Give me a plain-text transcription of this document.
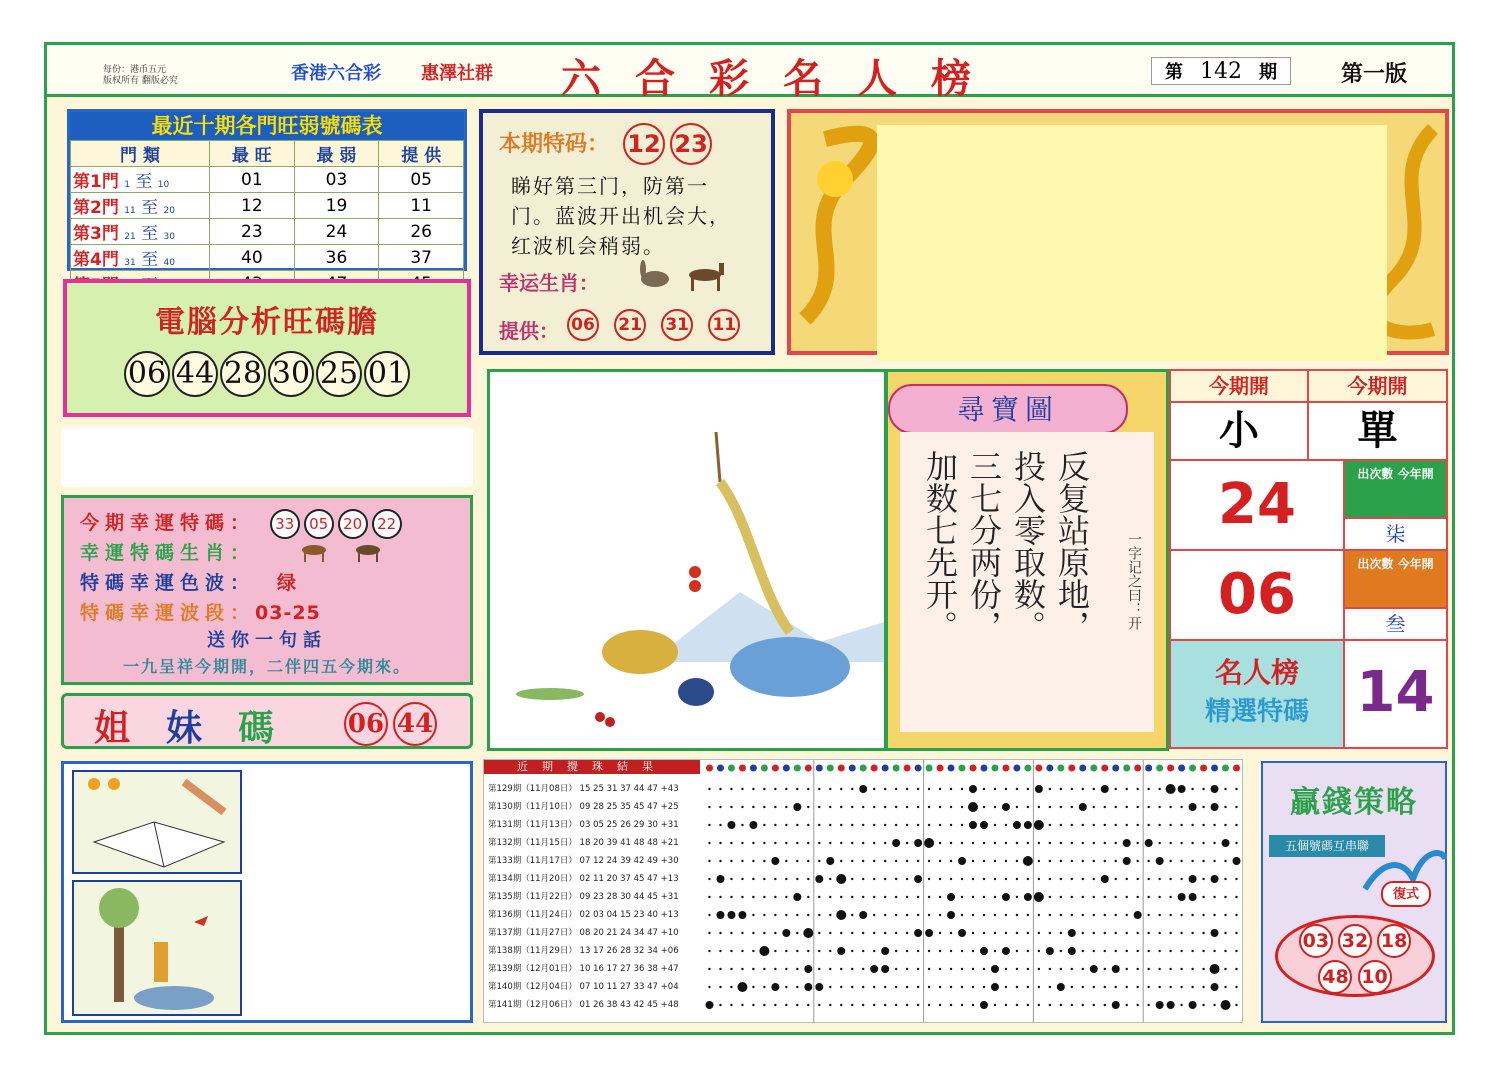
每份：港币五元
版权所有 翻版必究	香港六合彩 惠澤社群 六合彩名人榜	第 142 期	第一版
最近十期各門旺弱號碼表
門 類	最 旺	最 弱	提 供
第1門 1 至 10	01	03	05
第2門 11 至 20	12	19	11
第3門 21 至 30	23	24	26
第4門 31 至 40	40	36	37

本期特码： 12 23
睇好第三门，防第一
门。蓝波开出机会大，
红波机会稍弱。
幸运生肖：
提供： 06 21 31 11
電腦分析旺碼膽
06 44 28 30 25 01
今期幸運特碼： 33 05 20 22
幸運特碼生肖：
特碼幸運色波： 绿
特碼幸運波段：03-25
送你一句話
一九呈祥今期開，二伴四五今期來。
姐 妹 碼	06 44
尋寶圖
反复站原地，
投入零取数。
三七分两份，
加数七先开。	一字记之曰：开
今期開	今期開
小	單
24	出次數 今年開
柒
06	出次數 今年開
叁
名人榜
精選特碼 14
近期攪珠結果
第129期（11月08日） 15 25 31 37 44 47 +43
第130期（11月10日） 09 28 25 35 45 47 +25
第131期（11月13日） 03 05 25 26 29 30 +31
第132期（11月15日） 18 20 39 41 48 48 +21
第133期（11月17日） 07 12 24 39 42 49 +30
第134期（11月20日） 02 11 20 37 45 47 +13
第135期（11月22日） 09 23 28 30 44 45 +31
第136期（11月24日） 02 03 04 15 23 40 +13
第137期（11月27日） 08 20 21 24 34 47 +10
第138期（11月29日） 13 17 26 28 32 34 +06
第139期（12月01日） 10 16 17 27 36 38 +47
第140期（12月04日） 07 10 11 27 33 47 +04
第141期（12月06日） 01 26 38 43 42 45 +48
贏錢策略
五個號碼互串聯
復式
03 32 18
48 10
